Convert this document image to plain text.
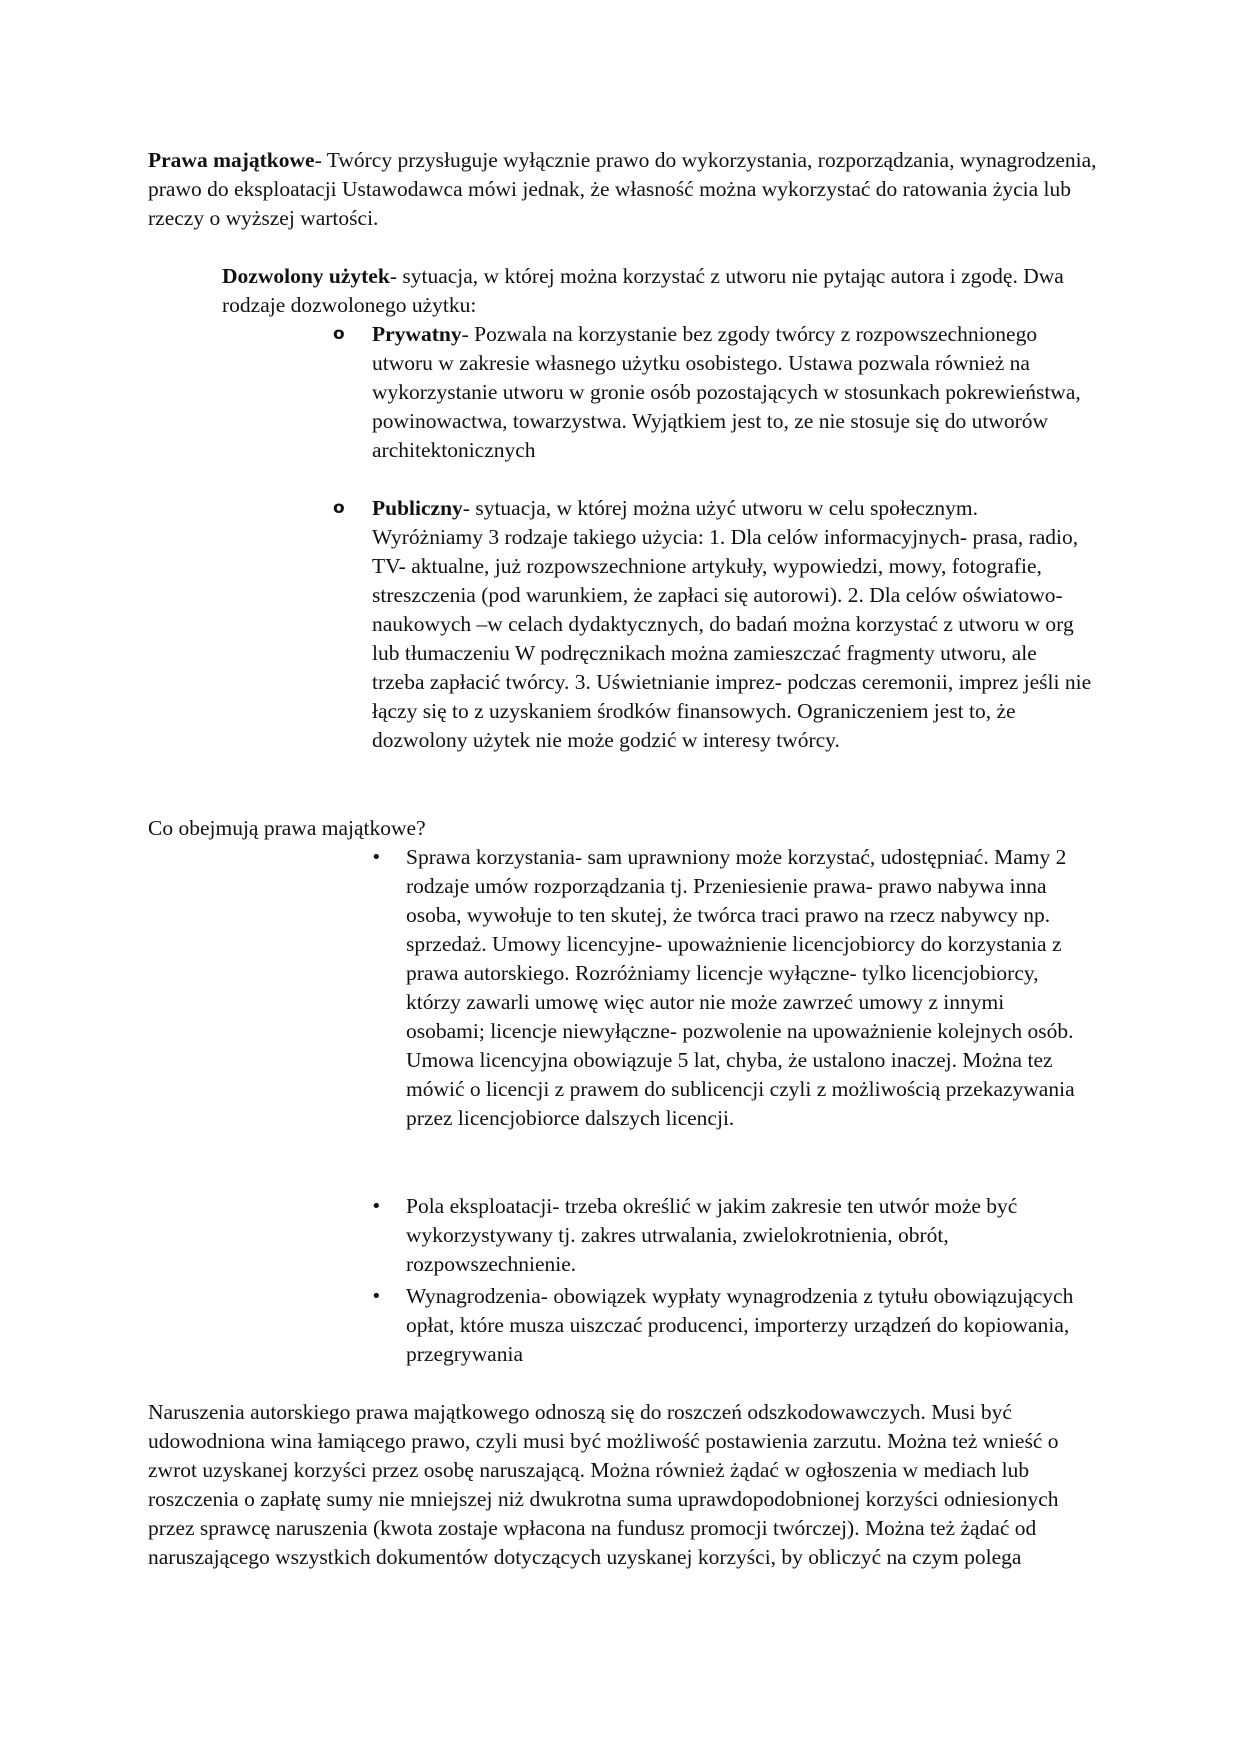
Prawa majątkowe- Twórcy przysługuje wyłącznie prawo do wykorzystania, rozporządzania, wynagrodzenia, prawo do eksploatacji Ustawodawca mówi jednak, że własność można wykorzystać do ratowania życia lub rzeczy o wyższej wartości.

Dozwolony użytek- sytuacja, w której można korzystać z utworu nie pytając autora i zgodę. Dwa rodzaje dozwolonego użytku:

o Prywatny- Pozwala na korzystanie bez zgody twórcy z rozpowszechnionego utworu w zakresie własnego użytku osobistego. Ustawa pozwala również na wykorzystanie utworu w gronie osób pozostających w stosunkach pokrewieństwa, powinowactwa, towarzystwa. Wyjątkiem jest to, ze nie stosuje się do utworów architektonicznych
o Publiczny- sytuacja, w której można użyć utworu w celu społecznym. Wyróżniamy 3 rodzaje takiego użycia: 1. Dla celów informacyjnych- prasa, radio, TV- aktualne, już rozpowszechnione artykuły, wypowiedzi, mowy, fotografie, streszczenia (pod warunkiem, że zapłaci się autorowi). 2. Dla celów oświatowo-naukowych –w celach dydaktycznych, do badań można korzystać z utworu w org lub tłumaczeniu W podręcznikach można zamieszczać fragmenty utworu, ale trzeba zapłacić twórcy. 3. Uświetnianie imprez- podczas ceremonii, imprez jeśli nie łączy się to z uzyskaniem środków finansowych. Ograniczeniem jest to, że dozwolony użytek nie może godzić w interesy twórcy.

Co obejmują prawa majątkowe?

• Sprawa korzystania- sam uprawniony może korzystać, udostępniać. Mamy 2 rodzaje umów rozporządzania tj. Przeniesienie prawa- prawo nabywa inna osoba, wywołuje to ten skutej, że twórca traci prawo na rzecz nabywcy np. sprzedaż. Umowy licencyjne- upoważnienie licencjobiorcy do korzystania z prawa autorskiego. Rozróżniamy licencje wyłączne- tylko licencjobiorcy, którzy zawarli umowę więc autor nie może zawrzeć umowy z innymi osobami; licencje niewyłączne- pozwolenie na upoważnienie kolejnych osób. Umowa licencyjna obowiązuje 5 lat, chyba, że ustalono inaczej. Można tez mówić o licencji z prawem do sublicencji czyli z możliwością przekazywania przez licencjobiorce dalszych licencji.
• Pola eksploatacji- trzeba określić w jakim zakresie ten utwór może być wykorzystywany tj. zakres utrwalania, zwielokrotnienia, obrót, rozpowszechnienie.
• Wynagrodzenia- obowiązek wypłaty wynagrodzenia z tytułu obowiązujących opłat, które musza uiszczać producenci, importerzy urządzeń do kopiowania, przegrywania

Naruszenia autorskiego prawa majątkowego odnoszą się do roszczeń odszkodowawczych. Musi być udowodniona wina łamiącego prawo, czyli musi być możliwość postawienia zarzutu. Można też wnieść o zwrot uzyskanej korzyści przez osobę naruszającą. Można również żądać w ogłoszenia w mediach lub roszczenia o zapłatę sumy nie mniejszej niż dwukrotna suma uprawdopodobnionej korzyści odniesionych przez sprawcę naruszenia (kwota zostaje wpłacona na fundusz promocji twórczej). Można też żądać od naruszającego wszystkich dokumentów dotyczących uzyskanej korzyści, by obliczyć na czym polega
